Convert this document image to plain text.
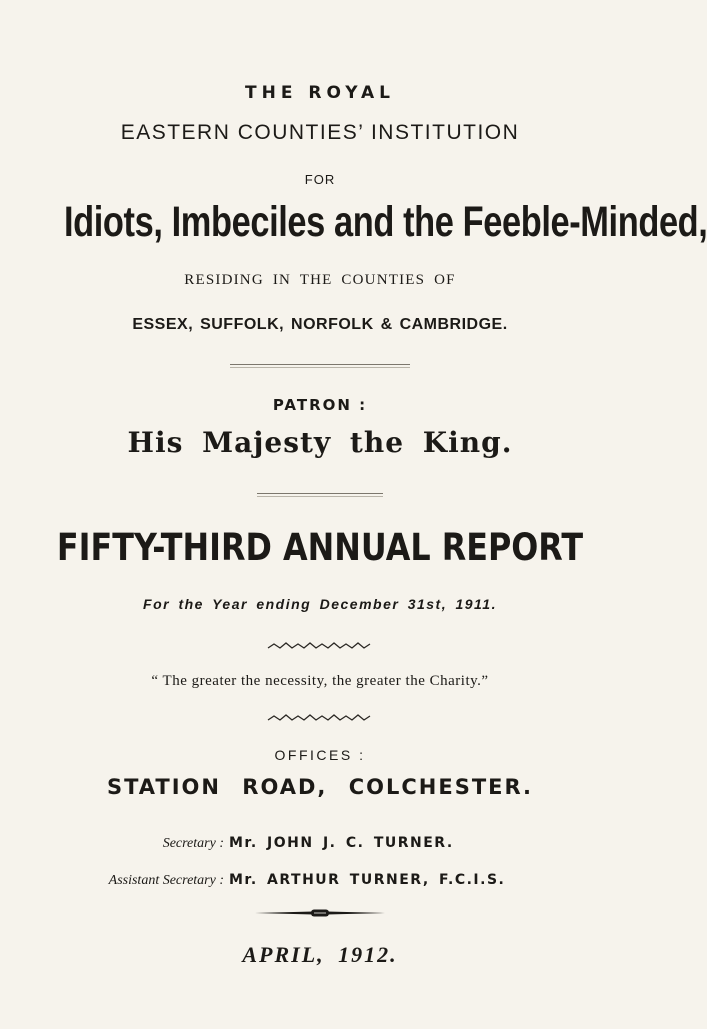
THE ROYAL
EASTERN COUNTIES’ INSTITUTION
FOR
Idiots, Imbeciles and the Feeble-Minded,
RESIDING IN THE COUNTIES OF
ESSEX, SUFFOLK, NORFOLK & CAMBRIDGE.
PATRON :
His Majesty the King.
FIFTY-THIRD ANNUAL REPORT
For the Year ending December 31st, 1911.
“ The greater the necessity, the greater the Charity.”
OFFICES :
STATION ROAD, COLCHESTER.
Secretary : Mr. JOHN J. C. TURNER.
Assistant Secretary : Mr. ARTHUR TURNER, F.C.I.S.
APRIL, 1912.
